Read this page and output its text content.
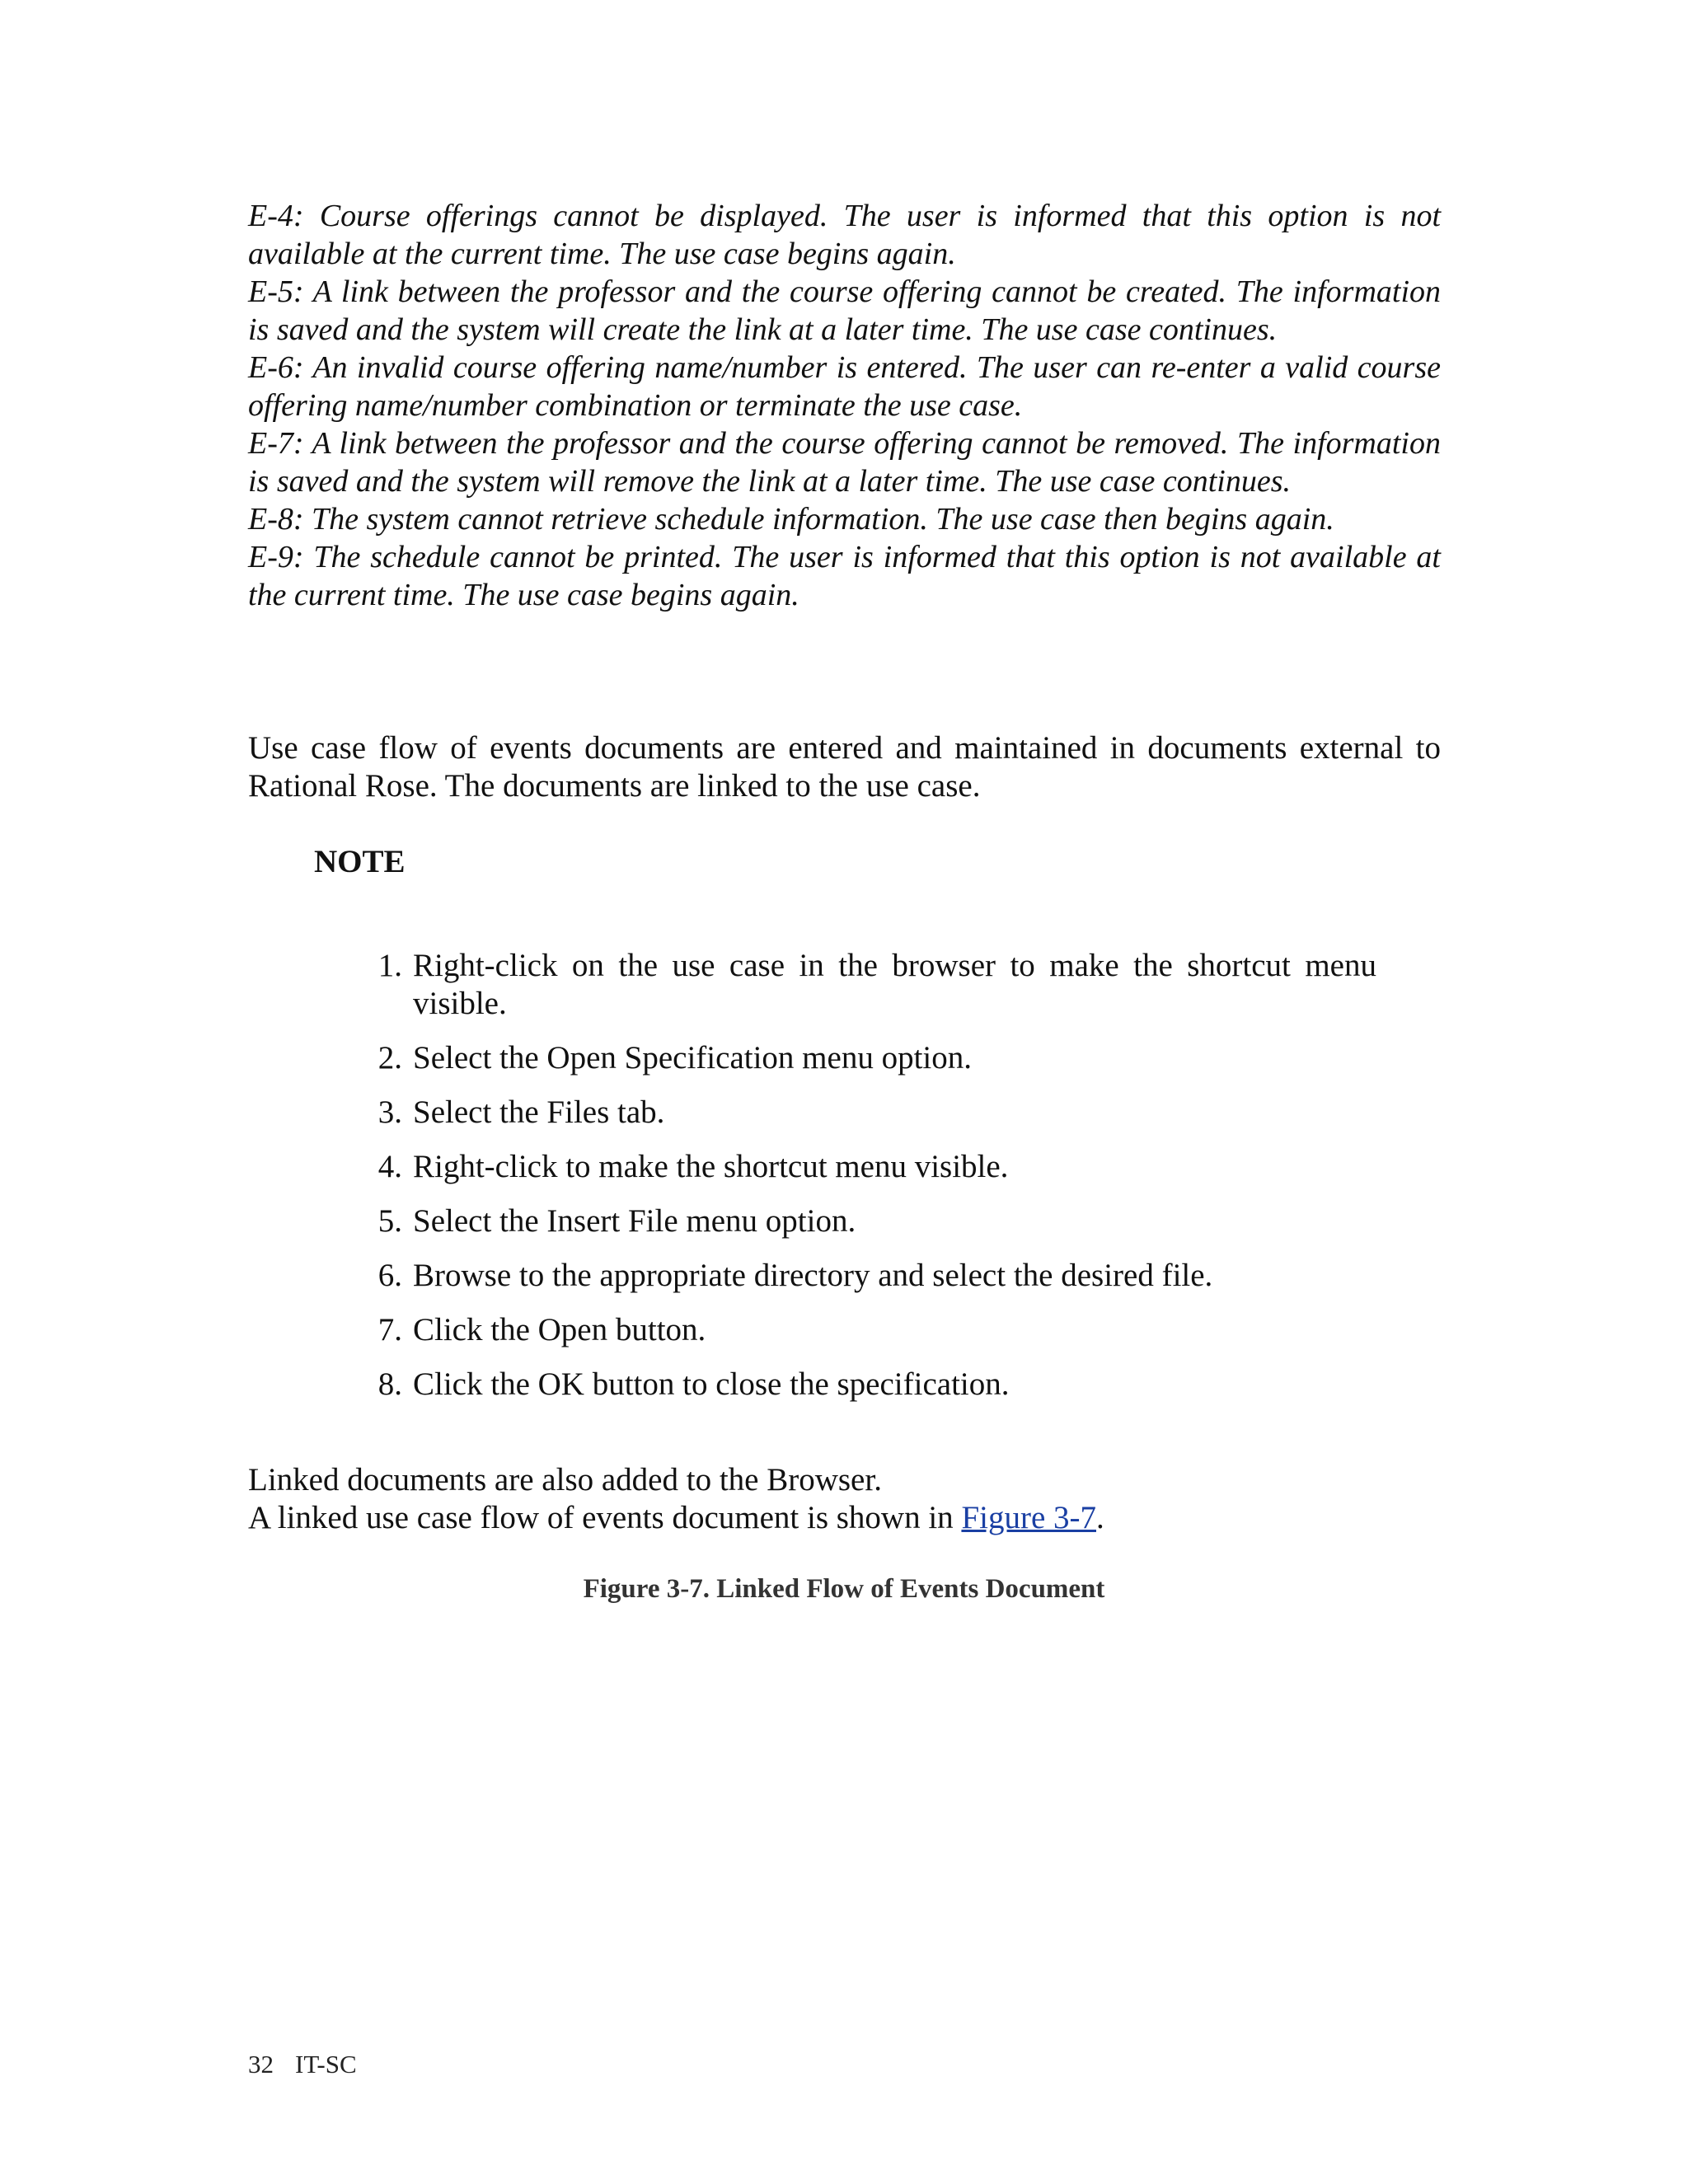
E-4: Course offerings cannot be displayed. The user is informed that this option is not available at the current time. The use case begins again.

E-5: A link between the professor and the course offering cannot be created. The information is saved and the system will create the link at a later time. The use case continues.

E-6: An invalid course offering name/number is entered. The user can re-enter a valid course offering name/number combination or terminate the use case.

E-7: A link between the professor and the course offering cannot be removed. The information is saved and the system will remove the link at a later time. The use case continues.

E-8: The system cannot retrieve schedule information. The use case then begins again.

E-9: The schedule cannot be printed. The user is informed that this option is not available at the current time. The use case begins again.

Use case flow of events documents are entered and maintained in documents external to Rational Rose. The documents are linked to the use case.

NOTE

1. Right-click on the use case in the browser to make the shortcut menu visible.
2. Select the Open Specification menu option.
3. Select the Files tab.
4. Right-click to make the shortcut menu visible.
5. Select the Insert File menu option.
6. Browse to the appropriate directory and select the desired file.
7. Click the Open button.
8. Click the OK button to close the specification.

Linked documents are also added to the Browser.

A linked use case flow of events document is shown in Figure 3-7.

Figure 3-7. Linked Flow of Events Document

32 IT-SC
